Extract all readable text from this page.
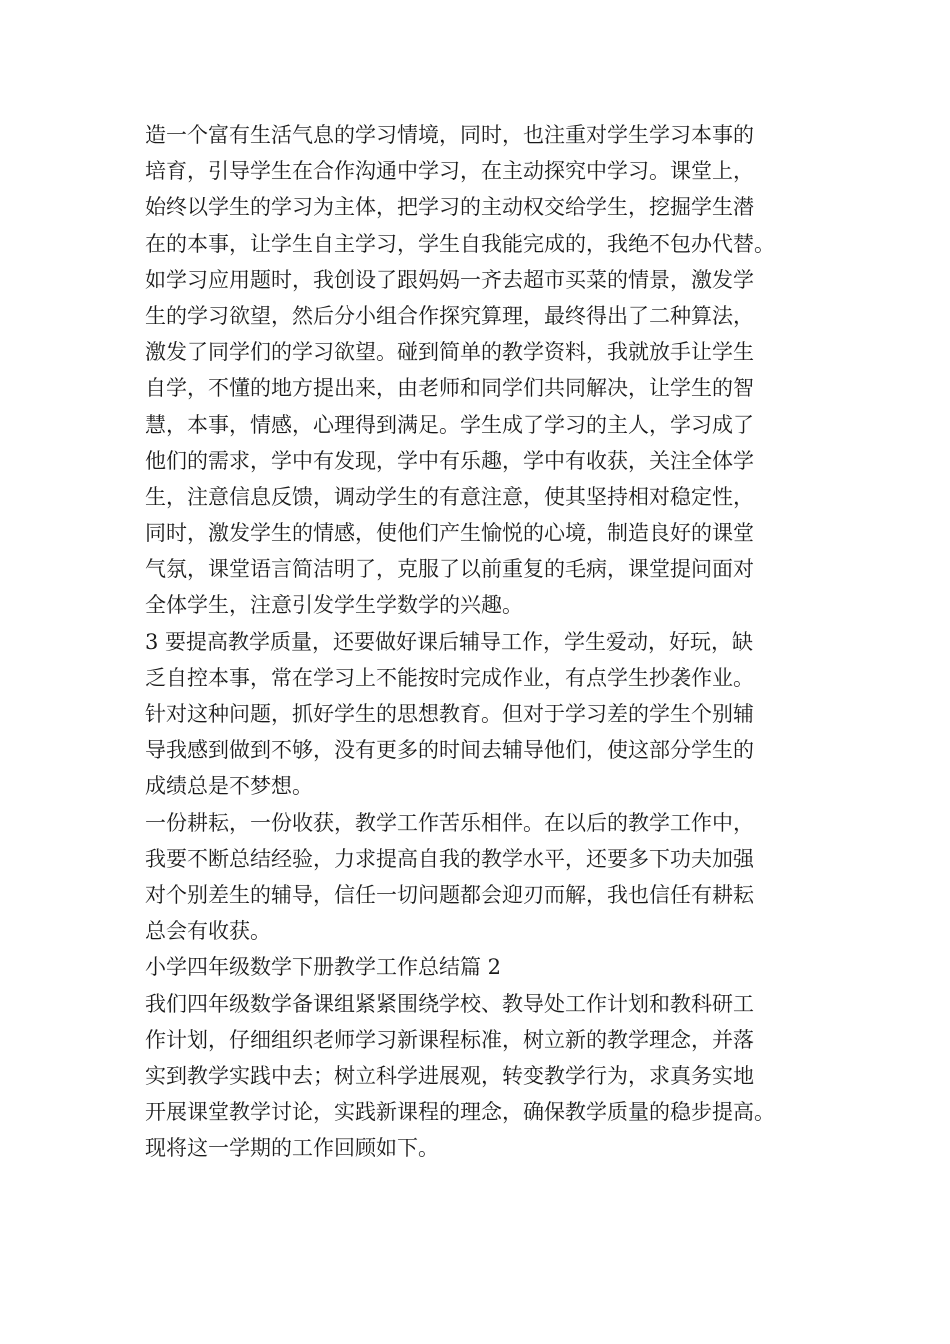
造一个富有生活气息的学习情境，同时，也注重对学生学习本事的
培育，引导学生在合作沟通中学习，在主动探究中学习。课堂上，
始终以学生的学习为主体，把学习的主动权交给学生，挖掘学生潜
在的本事，让学生自主学习，学生自我能完成的，我绝不包办代替。
如学习应用题时，我创设了跟妈妈一齐去超市买菜的情景，激发学
生的学习欲望，然后分小组合作探究算理，最终得出了二种算法，
激发了同学们的学习欲望。碰到简单的教学资料，我就放手让学生
自学，不懂的地方提出来，由老师和同学们共同解决，让学生的智
慧，本事，情感，心理得到满足。学生成了学习的主人，学习成了
他们的需求，学中有发现，学中有乐趣，学中有收获，关注全体学
生，注意信息反馈，调动学生的有意注意，使其坚持相对稳定性，
同时，激发学生的情感，使他们产生愉悦的心境，制造良好的课堂
气氛，课堂语言简洁明了，克服了以前重复的毛病，课堂提问面对
全体学生，注意引发学生学数学的兴趣。
3 要提高教学质量，还要做好课后辅导工作，学生爱动，好玩，缺
乏自控本事，常在学习上不能按时完成作业，有点学生抄袭作业。
针对这种问题，抓好学生的思想教育。但对于学习差的学生个别辅
导我感到做到不够，没有更多的时间去辅导他们，使这部分学生的
成绩总是不梦想。
一份耕耘，一份收获，教学工作苦乐相伴。在以后的教学工作中，
我要不断总结经验，力求提高自我的教学水平，还要多下功夫加强
对个别差生的辅导，信任一切问题都会迎刃而解，我也信任有耕耘
总会有收获。
小学四年级数学下册教学工作总结篇 2
我们四年级数学备课组紧紧围绕学校、教导处工作计划和教科研工
作计划，仔细组织老师学习新课程标准，树立新的教学理念，并落
实到教学实践中去；树立科学进展观，转变教学行为，求真务实地
开展课堂教学讨论，实践新课程的理念，确保教学质量的稳步提高。
现将这一学期的工作回顾如下。
